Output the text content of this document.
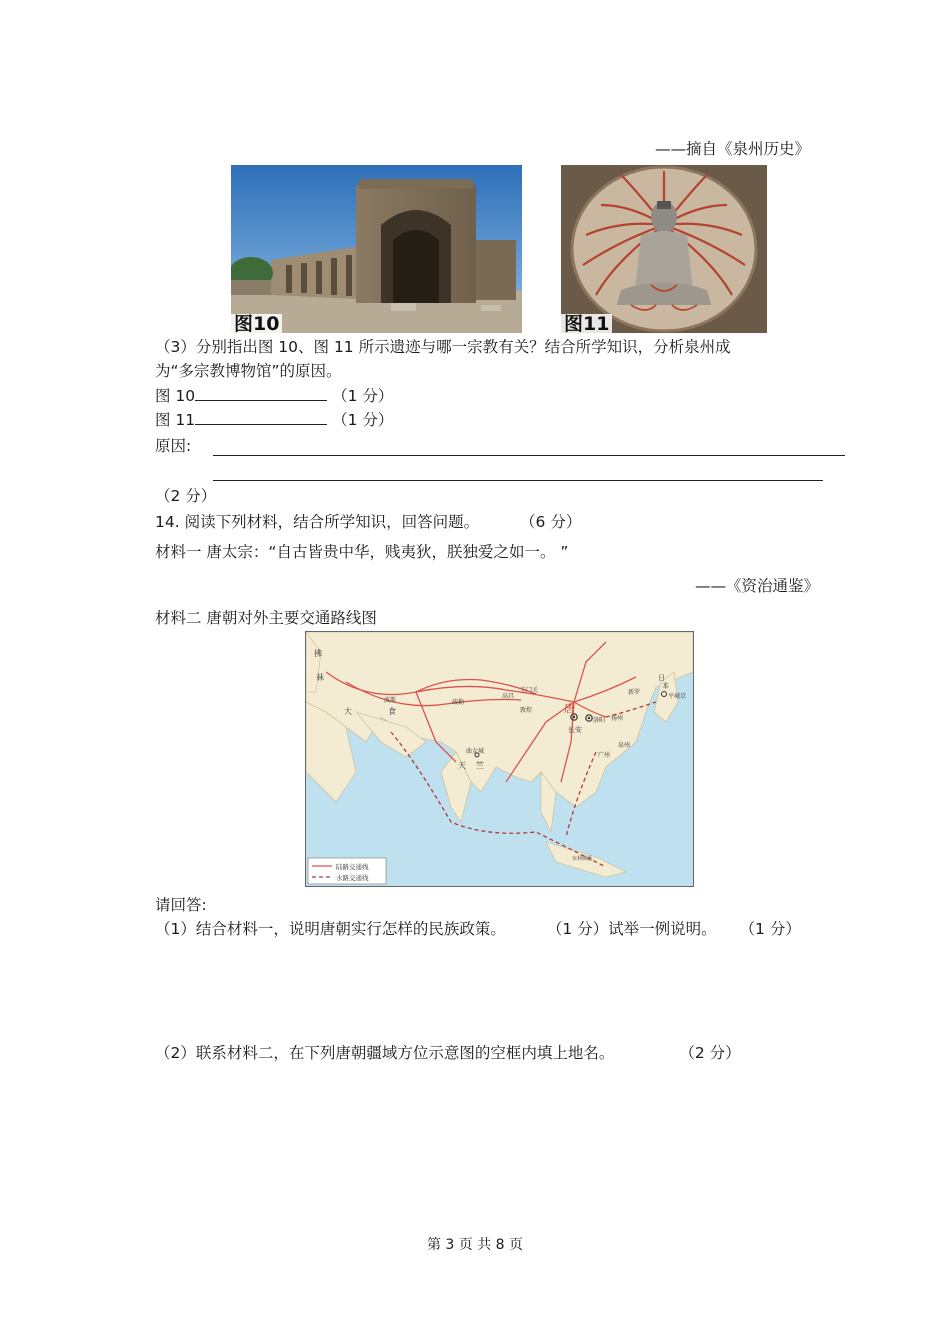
——摘自《泉州历史》
图10	图11
（3）分别指出图 10、图 11 所示遗迹与哪一宗教有关？结合所学知识，分析泉州成
为“多宗教博物馆”的原因。
图 10	（1 分）
图 11	（1 分）
原因:
（2 分）
14. 阅读下列材料，结合所学知识，回答问题。	（6 分）
材料一 唐太宗：“自古皆贵中华，贱夷狄，朕独爱之如一。 ”
——《资治通鉴》
材料二 唐朝对外主要交通路线图
拂
菻
大	食
波斯	疏勒
高昌
玉门关
敦煌	唐
长安
洛阳 扬州
广州
泉州
新罗
日
本
平城京
曲女城
天 竺
室利佛逝
陆路交通线
水路交通线
请回答:
（1）结合材料一，说明唐朝实行怎样的民族政策。	（1 分）试举一例说明。 （1 分）
（2）联系材料二，在下列唐朝疆域方位示意图的空框内填上地名。	（2 分）
第 3 页 共 8 页
